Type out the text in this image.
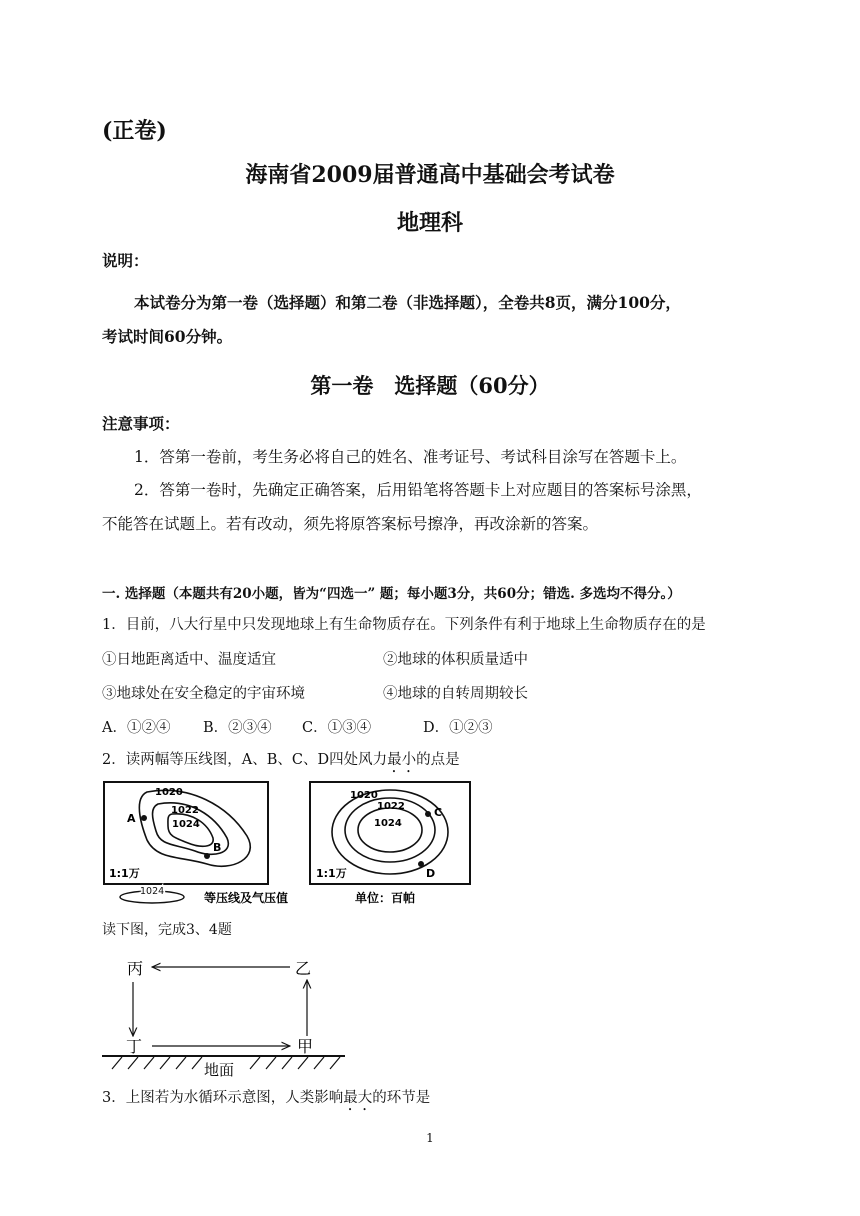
(正卷)
海南省2009届普通高中基础会考试卷
地理科
说明：
本试卷分为第一卷（选择题）和第二卷（非选择题），全卷共8页，满分100分，
考试时间60分钟。
第一卷　选择题（60分）
注意事项：
1．答第一卷前，考生务必将自己的姓名、准考证号、考试科目涂写在答题卡上。
2．答第一卷时，先确定正确答案，后用铅笔将答题卡上对应题目的答案标号涂黑，
不能答在试题上。若有改动，须先将原答案标号擦净，再改涂新的答案。
一. 选择题（本题共有20小题，皆为“四选一” 题；每小题3分，共60分；错选. 多选均不得分。）
1．目前，八大行星中只发现地球上有生命物质存在。下列条件有利于地球上生命物质存在的是
①日地距离适中、温度适宜	②地球的体积质量适中
③地球处在安全稳定的宇宙环境	④地球的自转周期较长
A．①②④ B．②③④ C．①③④	D．①②③
2．读两幅等压线图，A、B、C、D四处风力最小的点是
1020
1022
1024
A
B
1:1万
1020
1022
1024
C
D
1:1万
1024	等压线及气压值	单位：百帕
读下图，完成3、4题
丙	乙
丁	甲
地面
3．上图若为水循环示意图，人类影响最大的环节是
1
